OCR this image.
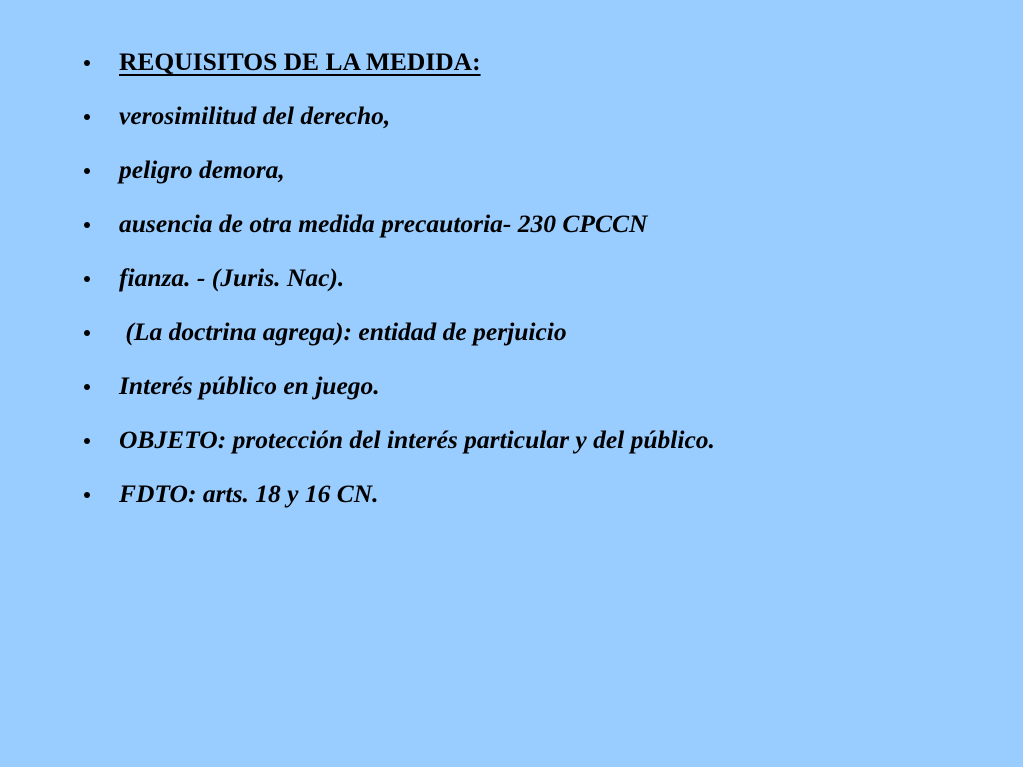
REQUISITOS DE LA MEDIDA:
verosimilitud del derecho,
peligro demora,
ausencia de otra medida precautoria- 230 CPCCN
fianza. - (Juris. Nac).
(La doctrina agrega): entidad de perjuicio
Interés público en juego.
OBJETO: protección del interés particular y del público.
FDTO: arts. 18 y 16 CN.
